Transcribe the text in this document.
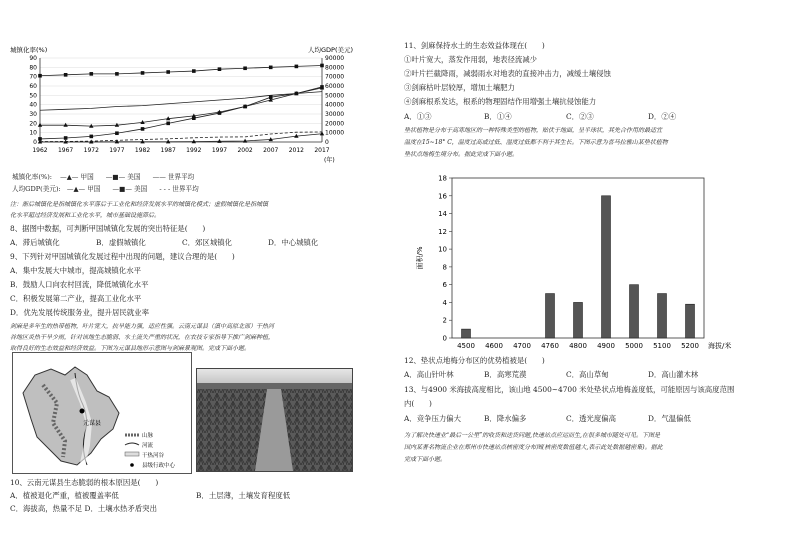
城镇化率(%)	人均GDP(美元)
90	90000
80	80000
70	70000
60	60000
50	50000
40	40000
30	30000
20	20000
10	10000
0	0
1962 1967 1972 1977 1982 1987 1992 1997 2002 2007 2012 2017
(年)
城镇化率(%): —▲— 甲国 —■— 美国 —— 世界平均
人均GDP(美元): —▲— 甲国 —■— 美国 - - - 世界平均
注：渐后城镇化是指城镇化水平落后于工业化和经济发展水平的城镇化模式；虚假城镇化是指城镇
化水平超过经济发展和工业化水平，城市基础设施滞后。
8、据图中数据，可判断甲国城镇化发展的突出特征是(　　)
A．滞后城镇化	B．虚假城镇化	C．郊区城镇化	D．中心城镇化
9、下列针对甲国城镇化发展过程中出现的问题，建议合理的是(　　)
A．集中发展大中城市，提高城镇化水平
B．鼓励人口向农村回流，降低城镇化水平
C．积极发展第二产业，提高工业化水平
D．优先发展传统服务业，提升居民就业率
剑麻是多年生的热带植物，叶片宽大，抗旱能力强，适应性强。云南元谋县（滇中高原北部）干热河
谷地区炎热干旱少雨，针对该地生态脆弱、水土流失严重的状况，在农技专家指导下推广剑麻种植，
取得良好的生态效益和经济效益。下图为元谋县地形示意图与剑麻景观图。完成下面小题。
元谋县
山脉
河流
干热河谷
县级行政中心
10、云南元谋县生态脆弱的根本原因是(　　)
A．植被退化严重，植被覆盖率低	B．土层薄，土壤发育程度低
C．海拔高，热量不足 D．土壤水热矛盾突出
11、剑麻保持水土的生态效益体现在(　　)
①叶片宽大，蒸发作用弱，地表径流减少
②叶片拦截降雨，减弱雨水对地表的直接冲击力，减缓土壤侵蚀
③剑麻枯叶层较厚，增加土壤肥力
④剑麻根系发达，根系的物理固结作用增强土壤抗侵蚀能力
A．①③	B．①④	C．②③	D．②④
垫状植物是分布于高寒地区的一种特殊类型的植物，贴伏于地面，呈半球状，其先合作用的最适宜
温度在15~18° C，温度过高或过低、湿度过低都不利于其生长。下图示意为喜马拉雅山某垫状植物
垫状点地梅生境分布。据此完成下面小题。
18
16
14
12
10
8
6
4
2
0
面积/%
4500 4600 4700 4760 4800 4900 5000 5100 5200 海拔/米
12、垫状点地梅分布区的优势植被是(　　)
A．高山针叶林	B．高寒荒漠	C．高山草甸	D．高山灌木林
13、与4900 米海拔高度相比，该山地 4500~4700 米处垫状点地梅盖度低，可能原因与该高度范围
内(　　)
A．竞争压力偏大	B．降水偏多	C．透光度偏高	D．气温偏低
为了解决快递业“最后一公里”的收货和送货问题,快递站点应运而生,在很多城市随处可见。下图是
国内某著名物流企业在郑州市快递站点核密度分布图(核密度数值越大,表示此处数据越密集)。据此
完成下面小题。
